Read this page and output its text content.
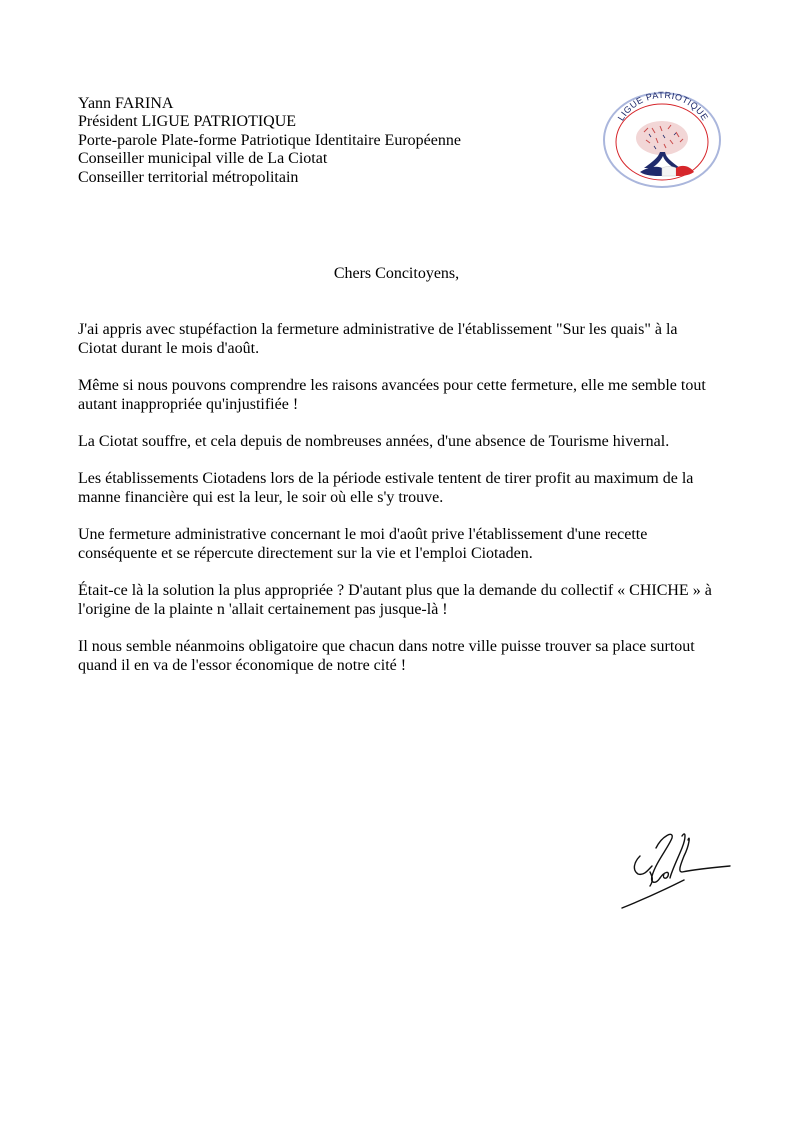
Yann FARINA
Président LIGUE PATRIOTIQUE
Porte-parole Plate-forme Patriotique Identitaire Européenne
Conseiller municipal ville de La Ciotat
Conseiller territorial métropolitain
LIGUE PATRIOTIQUE
Chers Concitoyens,

J'ai appris avec stupéfaction la fermeture administrative de l'établissement "Sur les quais" à la
Ciotat durant le mois d'août.

Même si nous pouvons comprendre les raisons avancées pour cette fermeture, elle me semble tout
autant inappropriée qu'injustifiée !

La Ciotat souffre, et cela depuis de nombreuses années, d'une absence de Tourisme hivernal.

Les établissements Ciotadens lors de la période estivale tentent de tirer profit au maximum de la
manne financière qui est la leur, le soir où elle s'y trouve.

Une fermeture administrative concernant le moi d'août prive l'établissement d'une recette
conséquente et se répercute directement sur la vie et l'emploi Ciotaden.

Était-ce là la solution la plus appropriée ? D'autant plus que la demande du collectif « CHICHE » à
l'origine de la plainte n 'allait certainement pas jusque-là !

Il nous semble néanmoins obligatoire que chacun dans notre ville puisse trouver sa place surtout
quand il en va de l'essor économique de notre cité !
